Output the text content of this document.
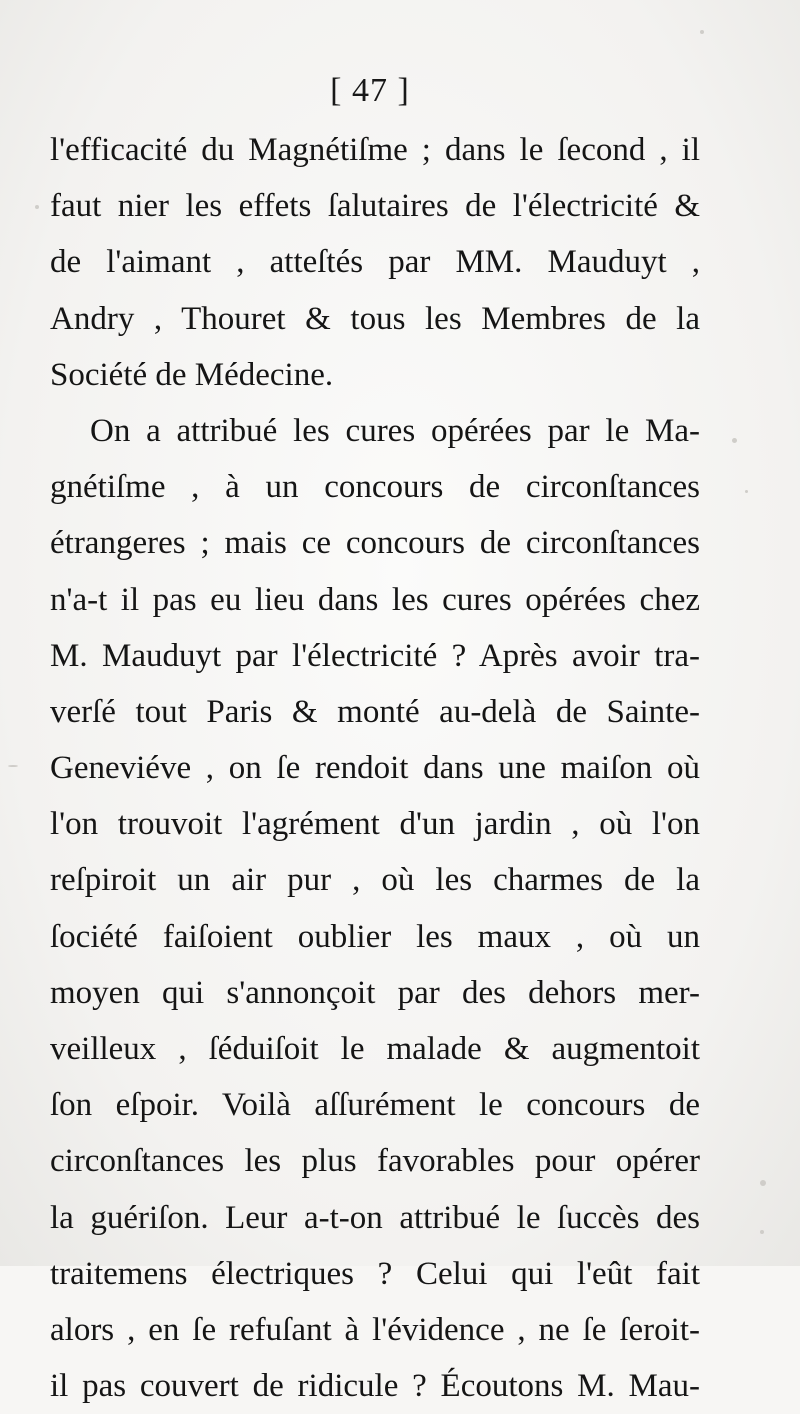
[ 47 ]
l'efficacité du Magnétiſme ; dans le ſecond , il
faut nier les effets ſalutaires de l'électricité &
de l'aimant , atteſtés par MM. Mauduyt ,
Andry , Thouret & tous les Membres de la
Société de Médecine.
On a attribué les cures opérées par le Ma-
gnétiſme , à un concours de circonſtances
étrangeres ; mais ce concours de circonſtances
n'a-t il pas eu lieu dans les cures opérées chez
M. Mauduyt par l'électricité ? Après avoir tra-
verſé tout Paris & monté au-delà de Sainte-
Geneviéve , on ſe rendoit dans une maiſon où
l'on trouvoit l'agrément d'un jardin , où l'on
reſpiroit un air pur , où les charmes de la
ſociété faiſoient oublier les maux , où un
moyen qui s'annonçoit par des dehors mer-
veilleux , ſéduiſoit le malade & augmentoit
ſon eſpoir. Voilà aſſurément le concours de
circonſtances les plus favorables pour opérer
la guériſon. Leur a-t-on attribué le ſuccès des
traitemens électriques ? Celui qui l'eût fait
alors , en ſe refuſant à l'évidence , ne ſe ſeroit-
il pas couvert de ridicule ? Écoutons M. Mau-
